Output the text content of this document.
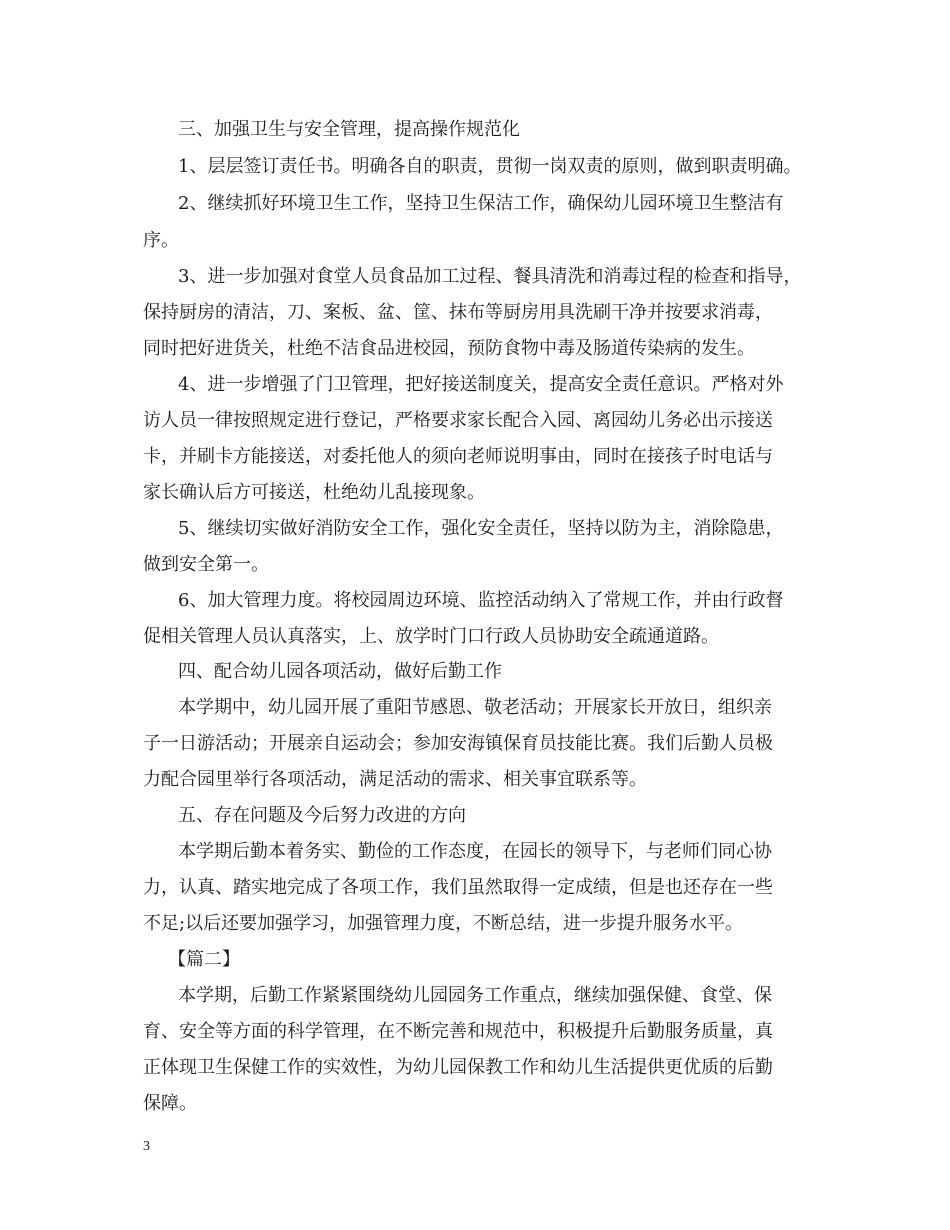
三、加强卫生与安全管理，提高操作规范化
1、层层签订责任书。明确各自的职责，贯彻一岗双责的原则，做到职责明确。
2、继续抓好环境卫生工作，坚持卫生保洁工作，确保幼儿园环境卫生整洁有
序。
3、进一步加强对食堂人员食品加工过程、餐具清洗和消毒过程的检查和指导，
保持厨房的清洁，刀、案板、盆、筐、抹布等厨房用具洗刷干净并按要求消毒，
同时把好进货关，杜绝不洁食品进校园，预防食物中毒及肠道传染病的发生。
4、进一步增强了门卫管理，把好接送制度关，提高安全责任意识。严格对外
访人员一律按照规定进行登记，严格要求家长配合入园、离园幼儿务必出示接送
卡，并刷卡方能接送，对委托他人的须向老师说明事由，同时在接孩子时电话与
家长确认后方可接送，杜绝幼儿乱接现象。
5、继续切实做好消防安全工作，强化安全责任，坚持以防为主，消除隐患，
做到安全第一。
6、加大管理力度。将校园周边环境、监控活动纳入了常规工作，并由行政督
促相关管理人员认真落实，上、放学时门口行政人员协助安全疏通道路。
四、配合幼儿园各项活动，做好后勤工作
本学期中，幼儿园开展了重阳节感恩、敬老活动；开展家长开放日，组织亲
子一日游活动；开展亲自运动会；参加安海镇保育员技能比赛。我们后勤人员极
力配合园里举行各项活动，满足活动的需求、相关事宜联系等。
五、存在问题及今后努力改进的方向
本学期后勤本着务实、勤俭的工作态度，在园长的领导下，与老师们同心协
力，认真、踏实地完成了各项工作，我们虽然取得一定成绩，但是也还存在一些
不足;以后还要加强学习，加强管理力度，不断总结，进一步提升服务水平。
【篇二】
本学期，后勤工作紧紧围绕幼儿园园务工作重点，继续加强保健、食堂、保
育、安全等方面的科学管理，在不断完善和规范中，积极提升后勤服务质量，真
正体现卫生保健工作的实效性，为幼儿园保教工作和幼儿生活提供更优质的后勤
保障。
3
